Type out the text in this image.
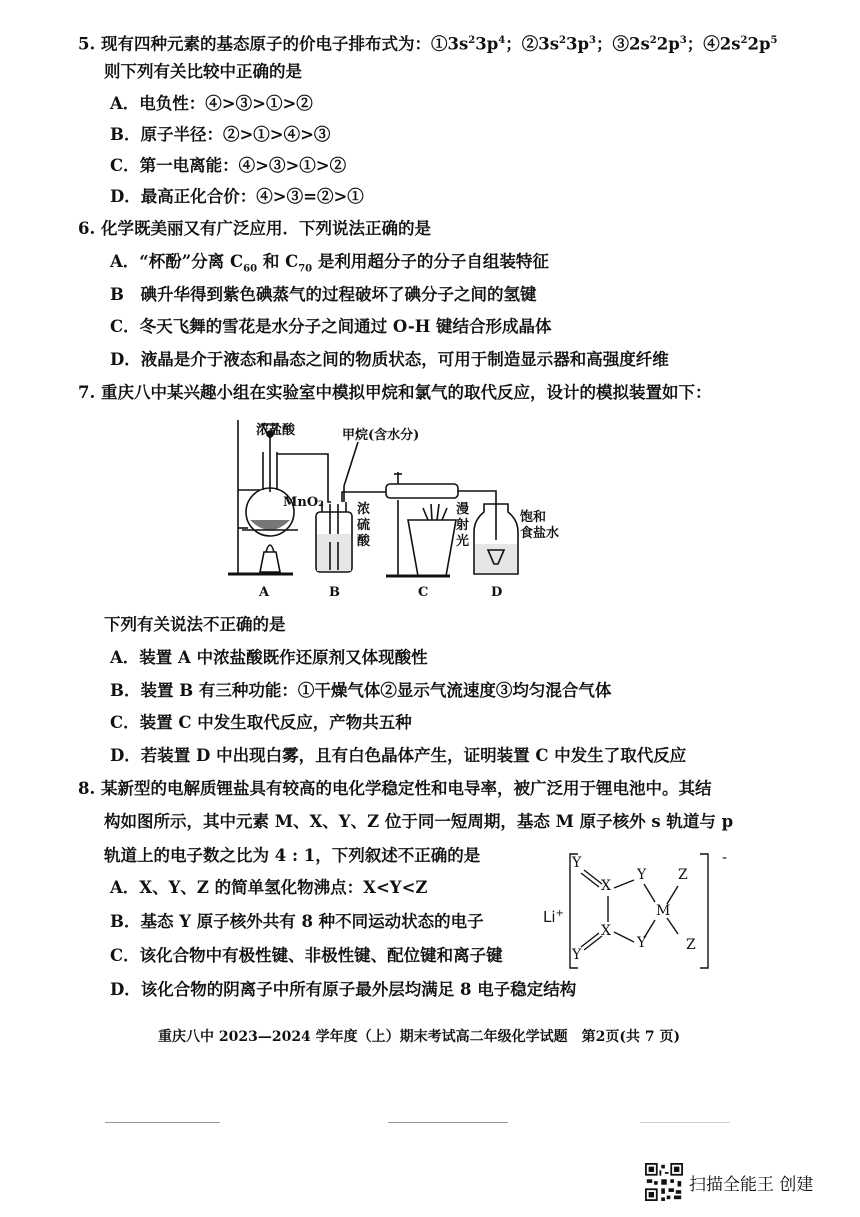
5. 现有四种元素的基态原子的价电子排布式为：$①3s^23p^4$；$②3s^23p^3$；$③2s^22p^3$；$④2s^22p^5$
则下列有关比较中正确的是
A．电负性：④>③>①>②
B．原子半径：②>①>④>③
C．第一电离能：④>③>①>②
D．最高正化合价：④>③=②>①
6. 化学既美丽又有广泛应用．下列说法正确的是
A．“杯酚”分离 $C_{60}$ 和 $C_{70}$ 是利用超分子的分子自组装特征
B　碘升华得到紫色碘蒸气的过程破坏了碘分子之间的氢键
C．冬天飞舞的雪花是水分子之间通过 O-H 键结合形成晶体
D．液晶是介于液态和晶态之间的物质状态，可用于制造显示器和高强度纤维
7. 重庆八中某兴趣小组在实验室中模拟甲烷和氯气的取代反应，设计的模拟装置如下：
浓盐酸	甲烷(含水分)
MnO₂	浓
硫
酸
漫
射
光
饱和
食盐水
A	B	C	D
下列有关说法不正确的是
A．装置 A 中浓盐酸既作还原剂又体现酸性
B．装置 B 有三种功能：①干燥气体②显示气流速度③均匀混合气体
C．装置 C 中发生取代反应，产物共五种
D．若装置 D 中出现白雾，且有白色晶体产生，证明装置 C 中发生了取代反应
8. 某新型的电解质锂盐具有较高的电化学稳定性和电导率，被广泛用于锂电池中。其结
构如图所示，其中元素 M、X、Y、Z 位于同一短周期，基态 M 原子核外 s 轨道与 p
轨道上的电子数之比为 4 : 1，下列叙述不正确的是
A．X、Y、Z 的简单氢化物沸点：X<Y<Z
B．基态 Y 原子核外共有 8 种不同运动状态的电子
C．该化合物中有极性键、非极性键、配位键和离子键
D．该化合物的阴离子中所有原子最外层均满足 8 电子稳定结构
Li+
-
Y
X
Y Z
M
X
Y
Y
Z
重庆八中 2023—2024 学年度（上）期末考试高二年级化学试题　第2页(共 7 页)
扫描全能王 创建
